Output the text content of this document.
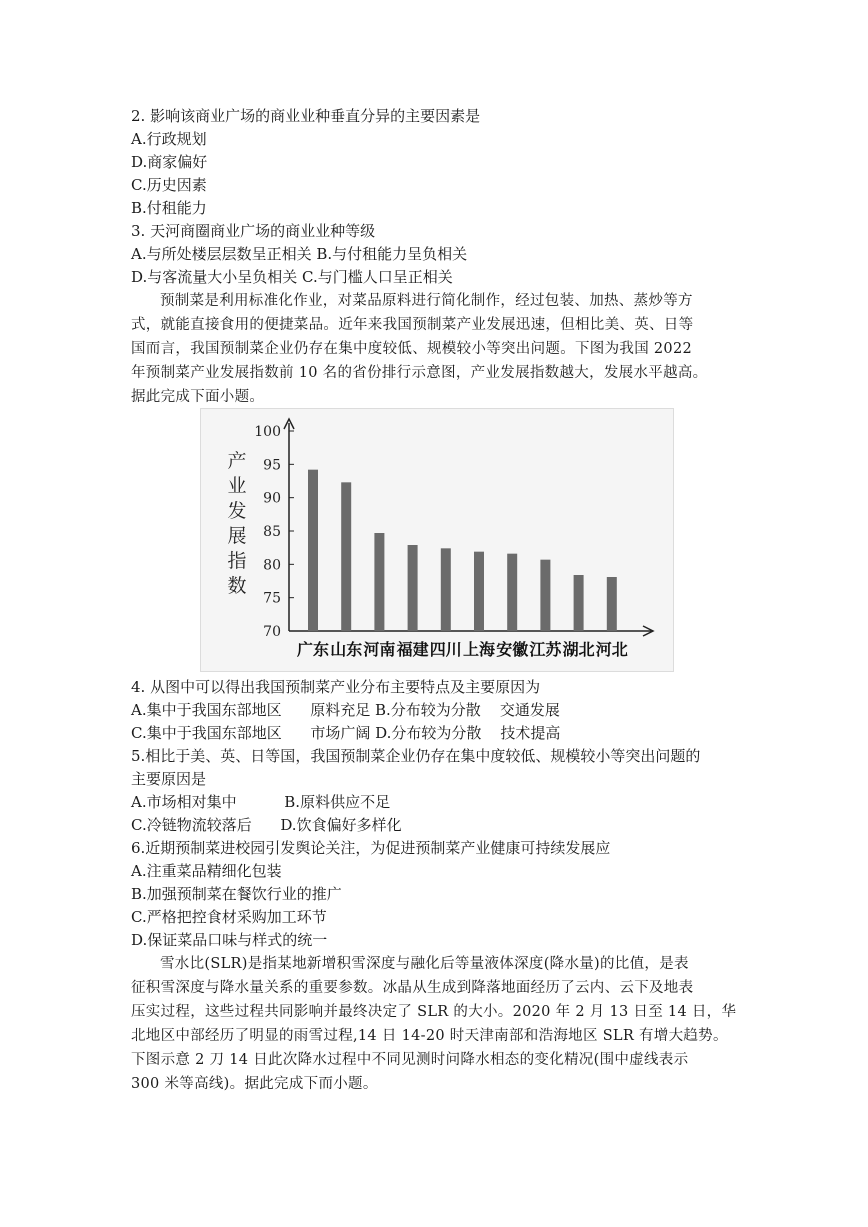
2. 影响该商业广场的商业业种垂直分异的主要因素是
A.行政规划
D.商家偏好
C.历史因素
B.付租能力
3. 天河商圈商业广场的商业业种等级
A.与所处楼层层数呈正相关 B.与付租能力呈负相关
D.与客流量大小呈负相关 C.与门槛人口呈正相关
预制菜是利用标准化作业，对菜品原料进行简化制作，经过包装、加热、蒸炒等方
式，就能直接食用的便捷菜品。近年来我国预制菜产业发展迅速，但相比美、英、日等
国而言，我国预制菜企业仍存在集中度较低、规模较小等突出问题。下图为我国 2022
年预制菜产业发展指数前 10 名的省份排行示意图，产业发展指数越大，发展水平越高。
据此完成下面小题。
70
75
80
85
90
95
100
产
业
发
展
指
数
广东 山东 河南 福建 四川 上海 安徽 江苏 湖北 河北
4. 从图中可以得出我国预制菜产业分布主要特点及主要原因为
A.集中于我国东部地区      原料充足 B.分布较为分散    交通发展
C.集中于我国东部地区      市场广阔 D.分布较为分散    技术提高
5.相比于美、英、日等国，我国预制菜企业仍存在集中度较低、规模较小等突出问题的
主要原因是
A.市场相对集中          B.原料供应不足
C.冷链物流较落后      D.饮食偏好多样化
6.近期预制菜进校园引发舆论关注，为促进预制菜产业健康可持续发展应
A.注重菜品精细化包装
B.加强预制菜在餐饮行业的推广
C.严格把控食材采购加工环节
D.保证菜品口味与样式的统一
雪水比(SLR)是指某地新增积雪深度与融化后等量液体深度(降水量)的比值，是表
征积雪深度与降水量关系的重要参数。冰晶从生成到降落地面经历了云内、云下及地表
压实过程，这些过程共同影响并最终决定了 SLR 的大小。2020 年 2 月 13 日至 14 日，华
北地区中部经历了明显的雨雪过程,14 日 14-20 时天津南部和浩海地区 SLR 有增大趋势。
下图示意 2 刀 14 日此次降水过程中不同见测时问降水相态的变化精况(围中虚线表示
300 米等高线)。据此完成下而小题。
